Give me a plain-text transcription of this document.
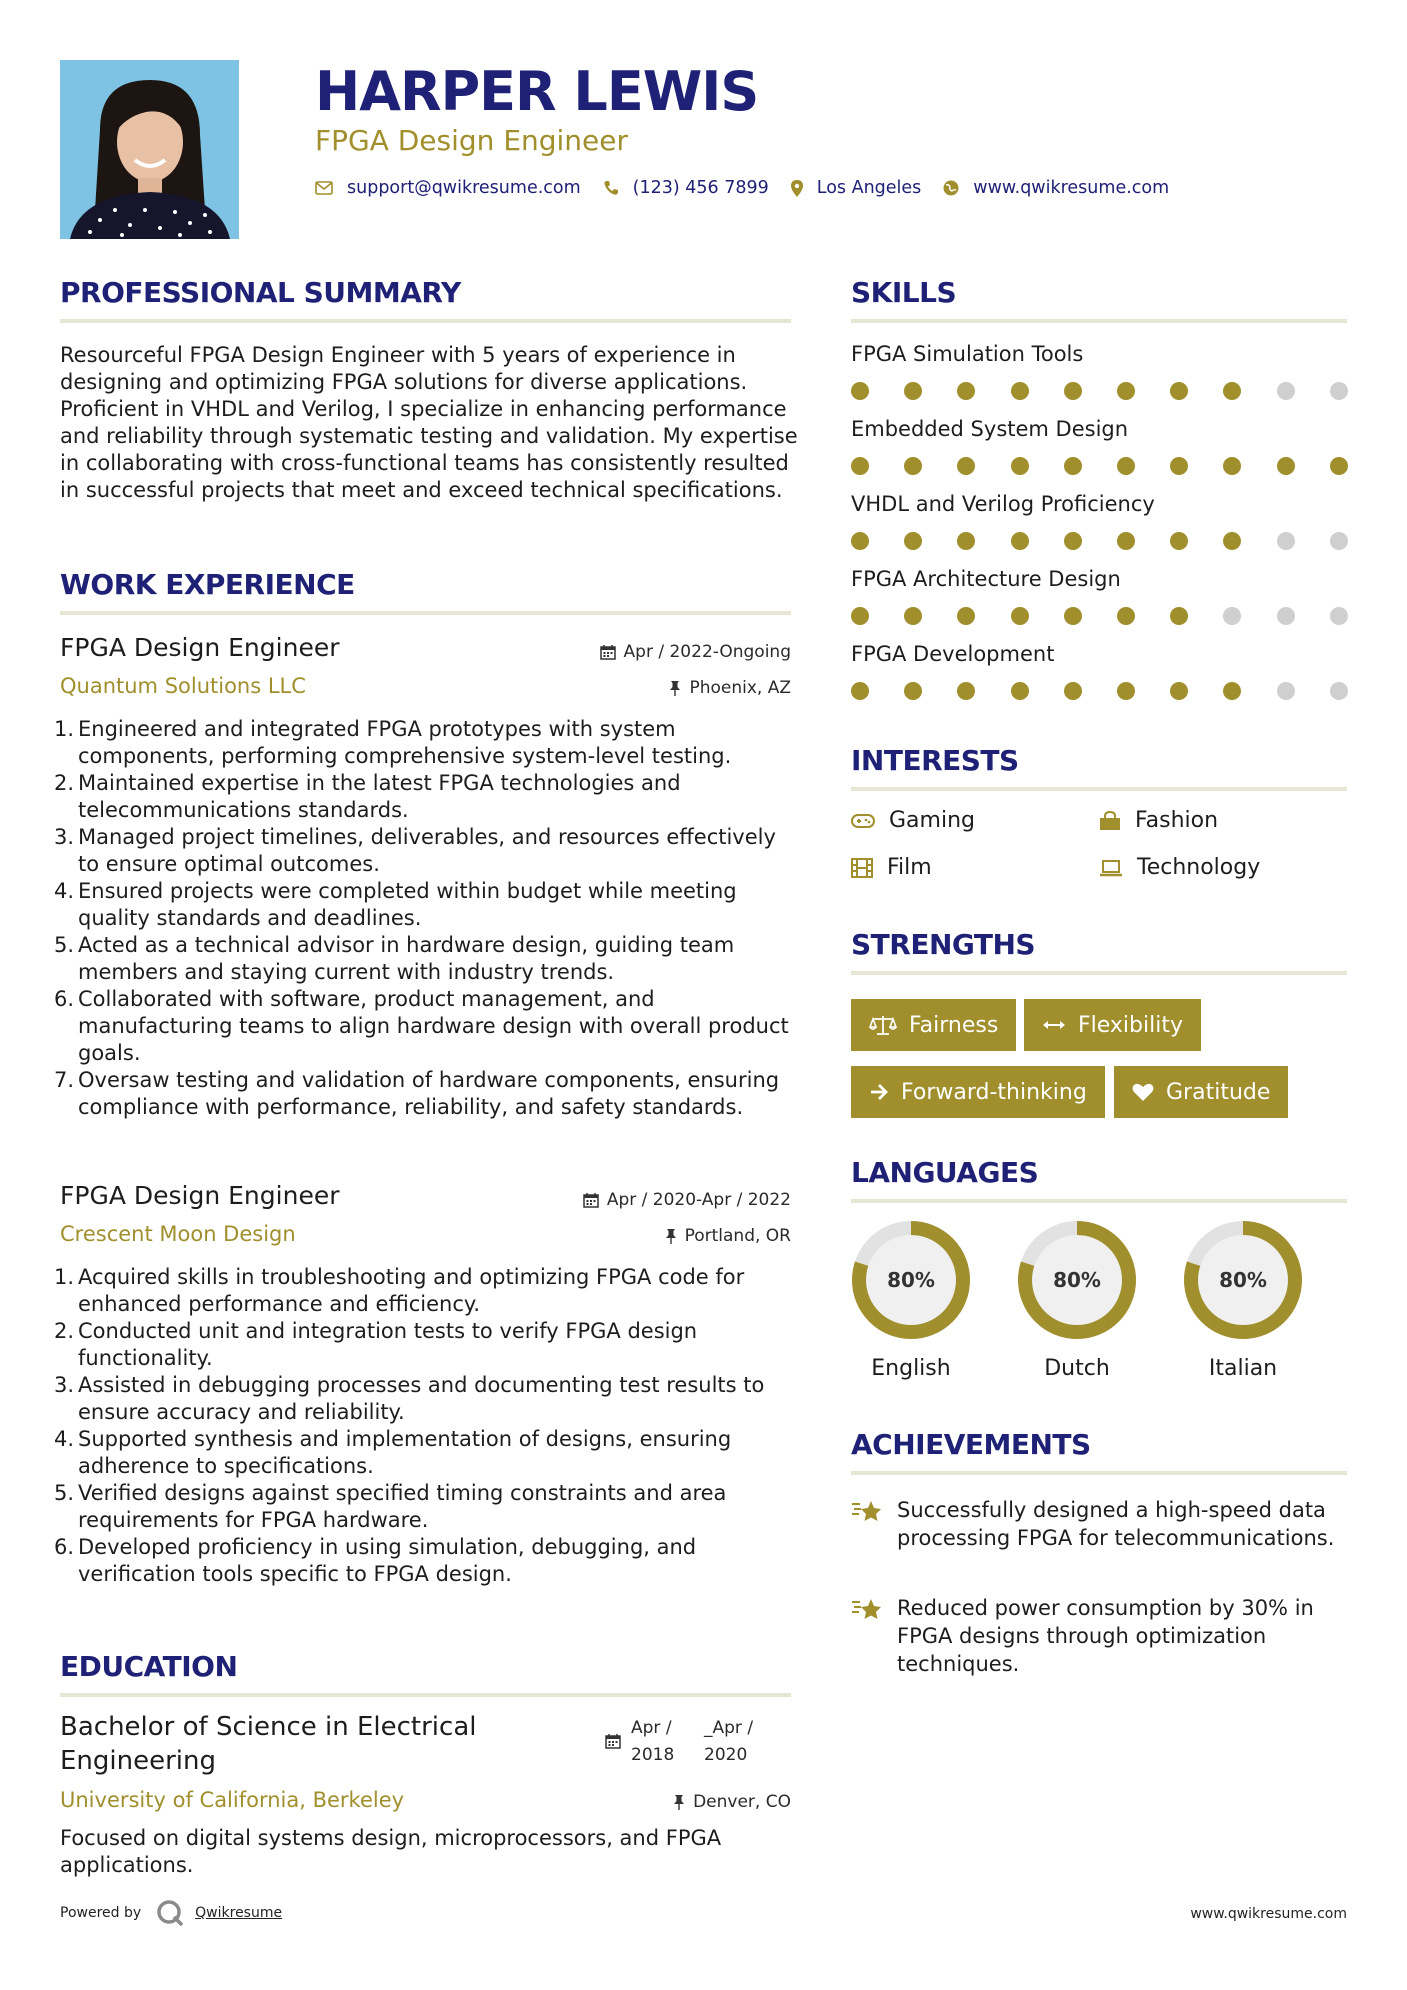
HARPER LEWIS
FPGA Design Engineer
support@qwikresume.com	(123) 456 7899	Los Angeles	www.qwikresume.com
PROFESSIONAL SUMMARY
Resourceful FPGA Design Engineer with 5 years of experience in designing and optimizing FPGA solutions for diverse applications. Proficient in VHDL and Verilog, I specialize in enhancing performance and reliability through systematic testing and validation. My expertise in collaborating with cross-functional teams has consistently resulted in successful projects that meet and exceed technical specifications.
WORK EXPERIENCE
FPGA Design Engineer	Apr / 2022-Ongoing
Quantum Solutions LLC	Phoenix, AZ
1. Engineered and integrated FPGA prototypes with system components, performing comprehensive system-level testing.
2. Maintained expertise in the latest FPGA technologies and telecommunications standards.
3. Managed project timelines, deliverables, and resources effectively to ensure optimal outcomes.
4. Ensured projects were completed within budget while meeting quality standards and deadlines.
5. Acted as a technical advisor in hardware design, guiding team members and staying current with industry trends.
6. Collaborated with software, product management, and manufacturing teams to align hardware design with overall product goals.
7. Oversaw testing and validation of hardware components, ensuring compliance with performance, reliability, and safety standards.
FPGA Design Engineer	Apr / 2020-Apr / 2022
Crescent Moon Design	Portland, OR
1. Acquired skills in troubleshooting and optimizing FPGA code for enhanced performance and efficiency.
2. Conducted unit and integration tests to verify FPGA design functionality.
3. Assisted in debugging processes and documenting test results to ensure accuracy and reliability.
4. Supported synthesis and implementation of designs, ensuring adherence to specifications.
5. Verified designs against specified timing constraints and area requirements for FPGA hardware.
6. Developed proficiency in using simulation, debugging, and verification tools specific to FPGA design.
EDUCATION
Bachelor of Science in Electrical Engineering
Apr /
2018
_Apr /
2020
University of California, Berkeley	Denver, CO
Focused on digital systems design, microprocessors, and FPGA applications.
SKILLS
FPGA Simulation Tools
Embedded System Design
VHDL and Verilog Proficiency
FPGA Architecture Design
FPGA Development
INTERESTS
Gaming	Fashion
Film	Technology
STRENGTHS
Fairness	Flexibility
Forward-thinking	Gratitude
LANGUAGES
80%
English
80%
Dutch
80%
Italian
ACHIEVEMENTS
Successfully designed a high-speed data processing FPGA for telecommunications.
Reduced power consumption by 30% in FPGA designs through optimization techniques.
Powered by	Qwikresume	www.qwikresume.com
